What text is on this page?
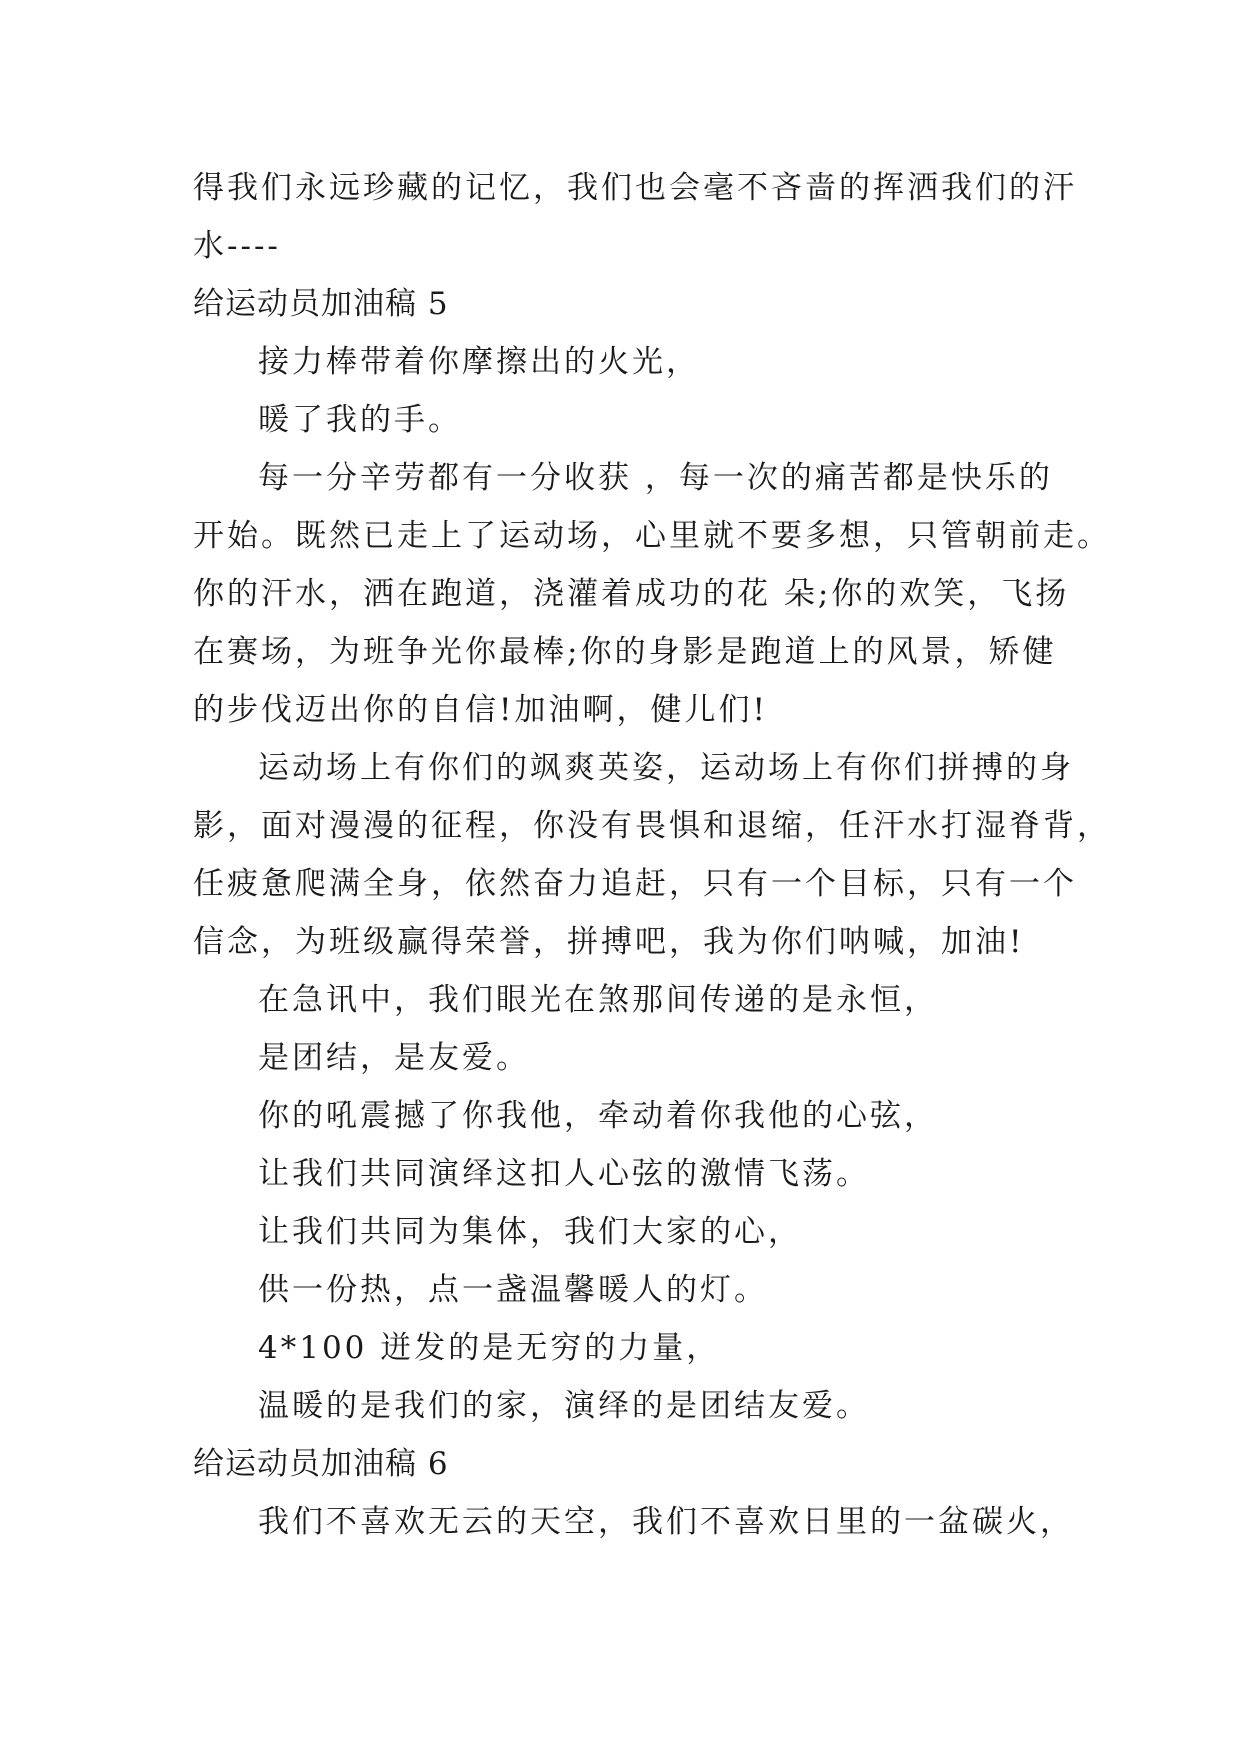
得我们永远珍藏的记忆，我们也会毫不吝啬的挥洒我们的汗
水----
给运动员加油稿 5
接力棒带着你摩擦出的火光，
暖了我的手。
每一分辛劳都有一分收获 ，每一次的痛苦都是快乐的
开始。既然已走上了运动场，心里就不要多想，只管朝前走。
你的汗水，洒在跑道，浇灌着成功的花 朵;你的欢笑，飞扬
在赛场，为班争光你最棒;你的身影是跑道上的风景，矫健
的步伐迈出你的自信!加油啊，健儿们!
运动场上有你们的飒爽英姿，运动场上有你们拼搏的身
影，面对漫漫的征程，你没有畏惧和退缩，任汗水打湿脊背，
任疲惫爬满全身，依然奋力追赶，只有一个目标，只有一个
信念，为班级赢得荣誉，拼搏吧，我为你们呐喊，加油!
在急讯中，我们眼光在煞那间传递的是永恒，
是团结，是友爱。
你的吼震撼了你我他，牵动着你我他的心弦，
让我们共同演绎这扣人心弦的激情飞荡。
让我们共同为集体，我们大家的心，
供一份热，点一盏温馨暖人的灯。
4*100 迸发的是无穷的力量，
温暖的是我们的家，演绎的是团结友爱。
给运动员加油稿 6
我们不喜欢无云的天空，我们不喜欢日里的一盆碳火，
